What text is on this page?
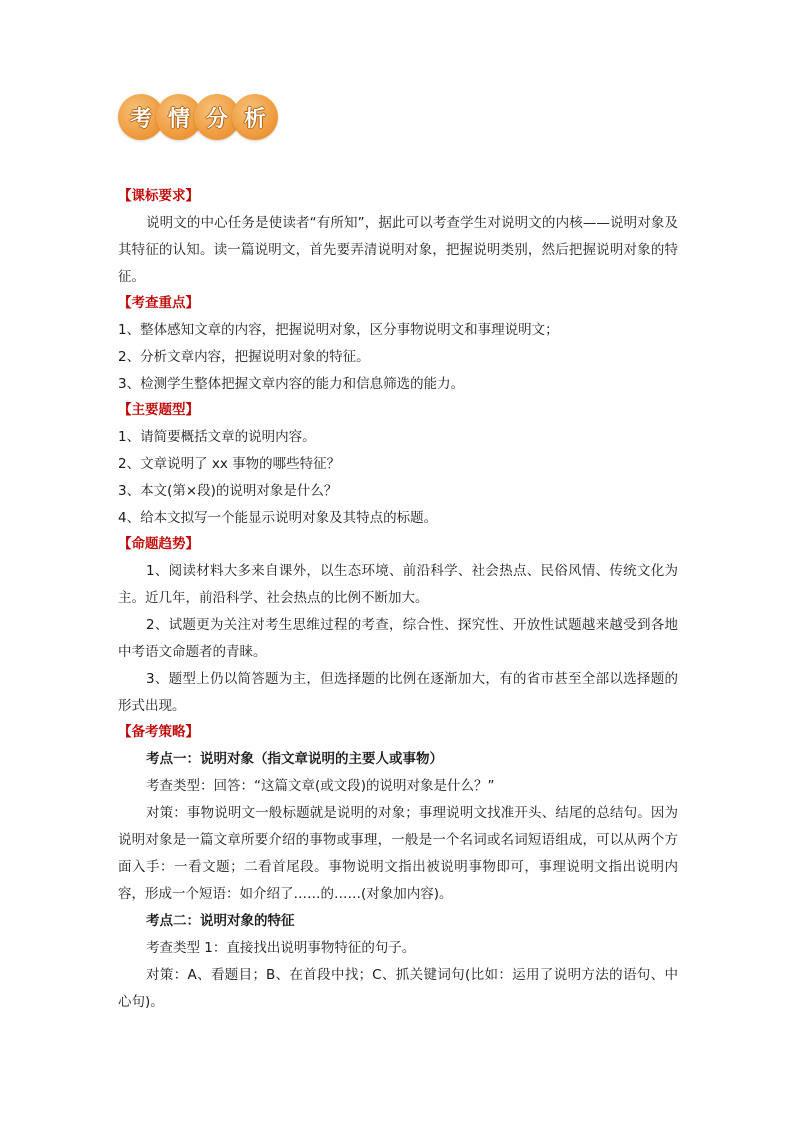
考 情 分 析

【课标要求】

说明文的中心任务是使读者“有所知”，据此可以考查学生对说明文的内核——说明对象及其特征的认知。读一篇说明文，首先要弄清说明对象，把握说明类别，然后把握说明对象的特征。

【考查重点】

1、整体感知文章的内容，把握说明对象，区分事物说明文和事理说明文；

2、分析文章内容，把握说明对象的特征。

3、检测学生整体把握文章内容的能力和信息筛选的能力。

【主要题型】

1、请简要概括文章的说明内容。

2、文章说明了 xx 事物的哪些特征？

3、本文(第×段)的说明对象是什么？

4、给本文拟写一个能显示说明对象及其特点的标题。

【命题趋势】

1、阅读材料大多来自课外，以生态环境、前沿科学、社会热点、民俗风情、传统文化为主。近几年，前沿科学、社会热点的比例不断加大。

2、试题更为关注对考生思维过程的考查，综合性、探究性、开放性试题越来越受到各地中考语文命题者的青睐。

3、题型上仍以简答题为主，但选择题的比例在逐渐加大，有的省市甚至全部以选择题的形式出现。

【备考策略】

考点一：说明对象（指文章说明的主要人或事物）

考查类型：回答：“这篇文章(或文段)的说明对象是什么？”

对策：事物说明文一般标题就是说明的对象；事理说明文找准开头、结尾的总结句。因为说明对象是一篇文章所要介绍的事物或事理，一般是一个名词或名词短语组成，可以从两个方面入手：一看文题；二看首尾段。事物说明文指出被说明事物即可，事理说明文指出说明内容，形成一个短语：如介绍了……的……(对象加内容)。

考点二：说明对象的特征

考查类型 1：直接找出说明事物特征的句子。

对策：A、看题目；B、在首段中找；C、抓关键词句(比如：运用了说明方法的语句、中心句)。
